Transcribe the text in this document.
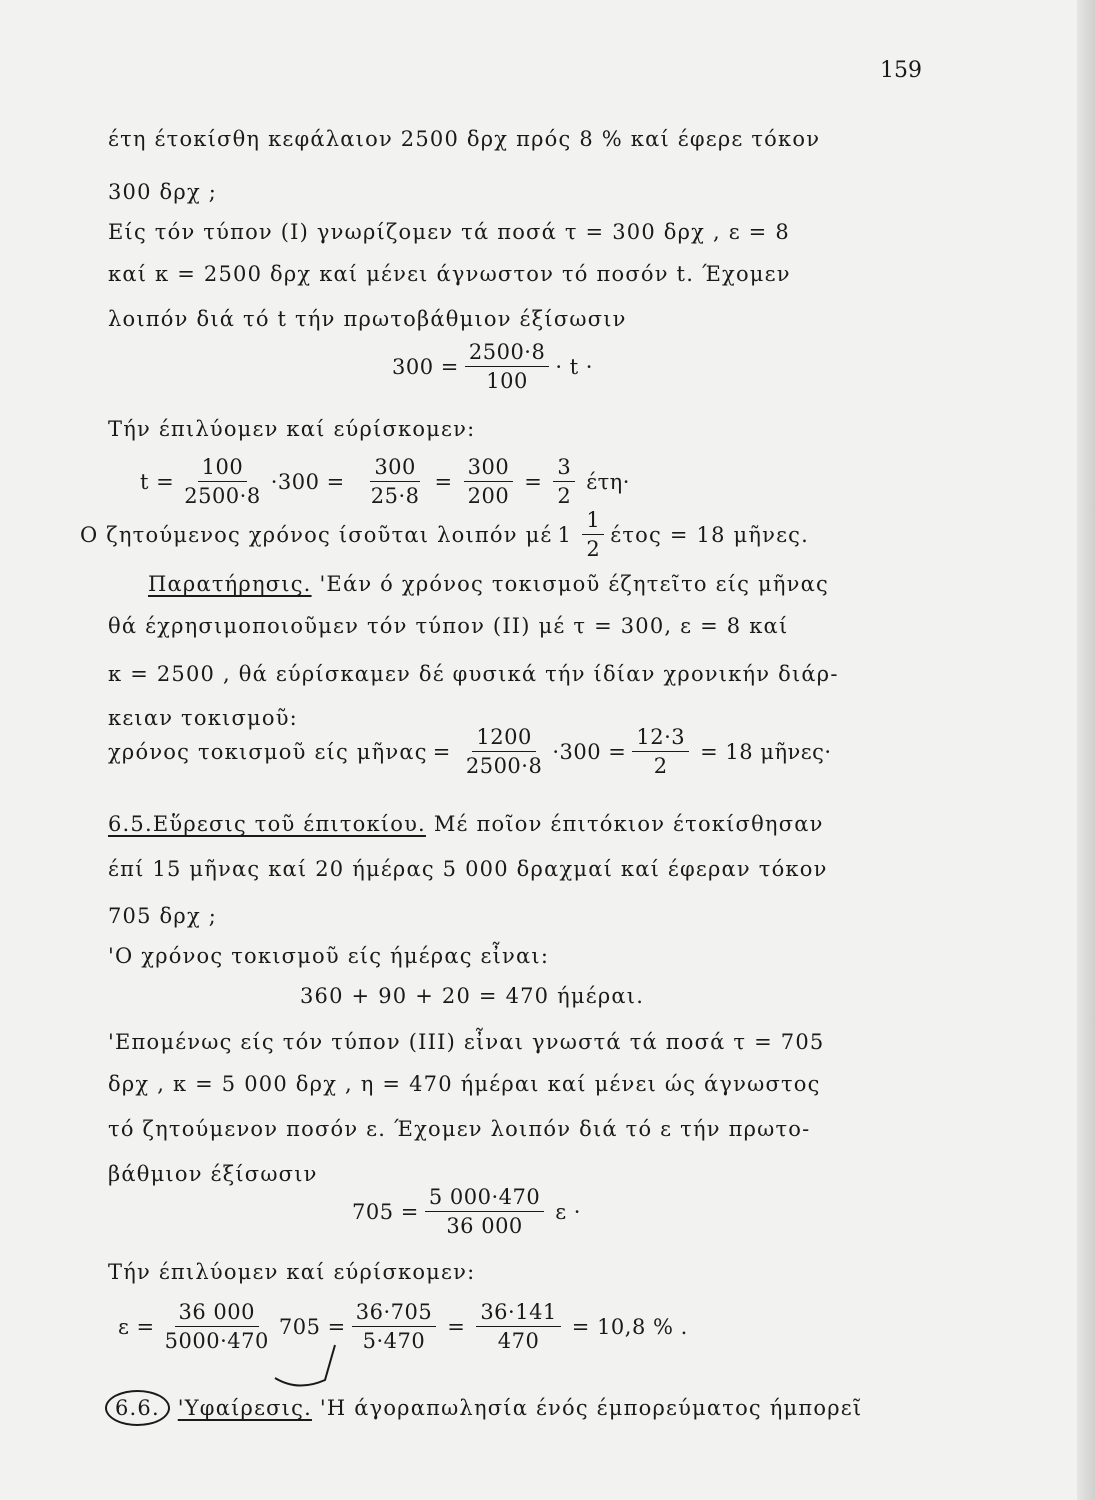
159
έτη έτοκίσθη κεφάλαιον 2500 δρχ πρός 8 % καί έφερε τόκον
300 δρχ ;
Είς τόν τύπον (I) γνωρίζομεν τά ποσά τ = 300 δρχ , ε = 8
καί κ = 2500 δρχ καί μένει άγνωστον τό ποσόν t. Έχομεν
λοιπόν διά τό t τήν πρωτοβάθμιον έξίσωσιν
$300 = \frac{2500\cdot 8}{100} \cdot t$ ·
Τήν έπιλύομεν καί εύρίσκομεν:
$t = \frac{100}{2500\cdot 8} \cdot 300 = \frac{300}{25\cdot 8} = \frac{300}{200} = \frac{3}{2} έ\tau\eta\cdot$
Ο ζητούμενος χρόνος ίσοῦται λοιπόν μέ $1 \frac{1}{2}$ έτος = 18 μῆνες.
Παρατήρησις. 'Εάν ό χρόνος τοκισμοῦ έζητεῖτο είς μῆνας
θά έχρησιμοποιοῦμεν τόν τύπον (II) μέ τ = 300, ε = 8 καί
κ = 2500 , θά εύρίσκαμεν δέ φυσικά τήν ίδίαν χρονικήν διάρ-
κειαν τοκισμοῦ:
χρόνος τοκισμοῦ είς μῆνας = $\frac{1200}{2500\cdot 8} \cdot 300 = \frac{12\cdot 3}{2} = 18$ μῆνες·
6.5.Εὕρεσις τοῦ έπιτοκίου. Μέ ποῖον έπιτόκιον έτοκίσθησαν
έπί 15 μῆνας καί 20 ήμέρας 5 000 δραχμαί καί έφεραν τόκον
705 δρχ ;
'Ο χρόνος τοκισμοῦ είς ήμέρας εἶναι:
360 + 90 + 20 = 470 ήμέραι.
'Επομένως είς τόν τύπον (III) εἶναι γνωστά τά ποσά τ = 705
δρχ , κ = 5 000 δρχ , η = 470 ήμέραι καί μένει ώς άγνωστος
τό ζητούμενον ποσόν ε. Έχομεν λοιπόν διά τό ε τήν πρωτο-
βάθμιον έξίσωσιν
$705 = \frac{5 000\cdot 470}{36 000}$ ε ·
Τήν έπιλύομεν καί εύρίσκομεν:
$\varepsilon = \frac{36 000}{5000\cdot 470} 705 = \frac{36\cdot 705}{5\cdot 470} = \frac{36\cdot 141}{470} = 10,8$ % .
6.6. 'Υφαίρεσις. 'Η άγοραπωλησία ένός έμπορεύματος ήμπορεῖ
